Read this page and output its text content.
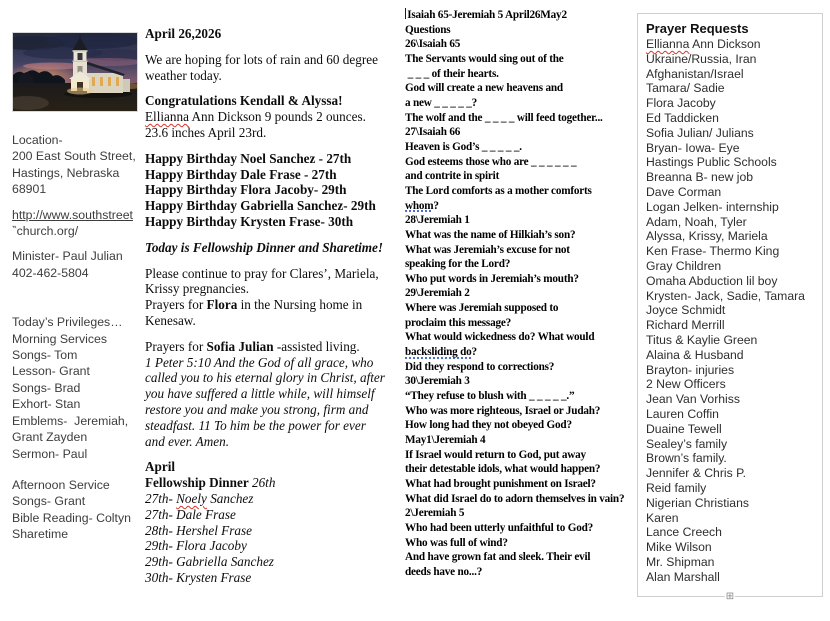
Location-
200 East South Street,
Hastings, Nebraska
68901
http://www.southstreet
‶church.org/
Minister- Paul Julian
402-462-5804
Today’s Privileges…
Morning Services
Songs- Tom
Lesson- Grant
Songs- Brad
Exhort- Stan
Emblems-  Jeremiah,
Grant Zayden
Sermon- Paul
Afternoon Service
Songs- Grant
Bible Reading- Coltyn
Sharetime
April 26,2026
We are hoping for lots of rain and 60 degree
weather today.
Congratulations Kendall & Alyssa!
Ellianna Ann Dickson 9 pounds 2 ounces.
23.6 inches April 23rd.
Happy Birthday Noel Sanchez - 27th
Happy Birthday Dale Frase - 27th
Happy Birthday Flora Jacoby- 29th
Happy Birthday Gabriella Sanchez- 29th
Happy Birthday Krysten Frase- 30th
Today is Fellowship Dinner and Sharetime!
Please continue to pray for Clares’, Mariela,
Krissy pregnancies.
Prayers for Flora in the Nursing home in
Kenesaw.
Prayers for Sofia Julian -assisted living.
1 Peter 5:10 And the God of all grace, who
called you to his eternal glory in Christ, after
you have suffered a little while, will himself
restore you and make you strong, firm and
steadfast. 11 To him be the power for ever
and ever. Amen.
April
Fellowship Dinner 26th
27th- Noely Sanchez
27th- Dale Frase
28th- Hershel Frase
29th- Flora Jacoby
29th- Gabriella Sanchez
30th- Krysten Frase
Isaiah 65-Jeremiah 5 April26May2
Questions
26\Isaiah 65
The Servants would sing out of the
_ _ _ of their hearts.
God will create a new heavens and
a new _ _ _ _ _?
The wolf and the _ _ _ _ will feed together...
27\Isaiah 66
Heaven is God’s _ _ _ _ _.
God esteems those who are _ _ _ _ _ _
and contrite in spirit
The Lord comforts as a mother comforts
whom?
28\Jeremiah 1
What was the name of Hilkiah’s son?
What was Jeremiah’s excuse for not
speaking for the Lord?
Who put words in Jeremiah’s mouth?
29\Jeremiah 2
Where was Jeremiah supposed to
proclaim this message?
What would wickedness do? What would
backsliding do?
Did they respond to corrections?
30\Jeremiah 3
“They refuse to blush with _ _ _ _ _.”
Who was more righteous, Israel or Judah?
How long had they not obeyed God?
May1\Jeremiah 4
If Israel would return to God, put away
their detestable idols, what would happen?
What had brought punishment on Israel?
What did Israel do to adorn themselves in vain?
2\Jeremiah 5
Who had been utterly unfaithful to God?
Who was full of wind?
And have grown fat and sleek. Their evil
deeds have no...?
Prayer Requests
Ellianna Ann Dickson
Ukraine/Russia, Iran
Afghanistan/Israel
Tamara/ Sadie
Flora Jacoby
Ed Taddicken
Sofia Julian/ Julians
Bryan- Iowa- Eye
Hastings Public Schools
Breanna B- new job
Dave Corman
Logan Jelken- internship
Adam, Noah, Tyler
Alyssa, Krissy, Mariela
Ken Frase- Thermo King
Gray Children
Omaha Abduction lil boy
Krysten- Jack, Sadie, Tamara
Joyce Schmidt
Richard Merrill
Titus & Kaylie Green
Alaina & Husband
Brayton- injuries
2 New Officers
Jean Van Vorhiss
Lauren Coffin
Duaine Tewell
Sealey’s family
Brown’s family.
Jennifer & Chris P.
Reid family
Nigerian Christians
Karen
Lance Creech
Mike Wilson
Mr. Shipman
Alan Marshall
⊞
